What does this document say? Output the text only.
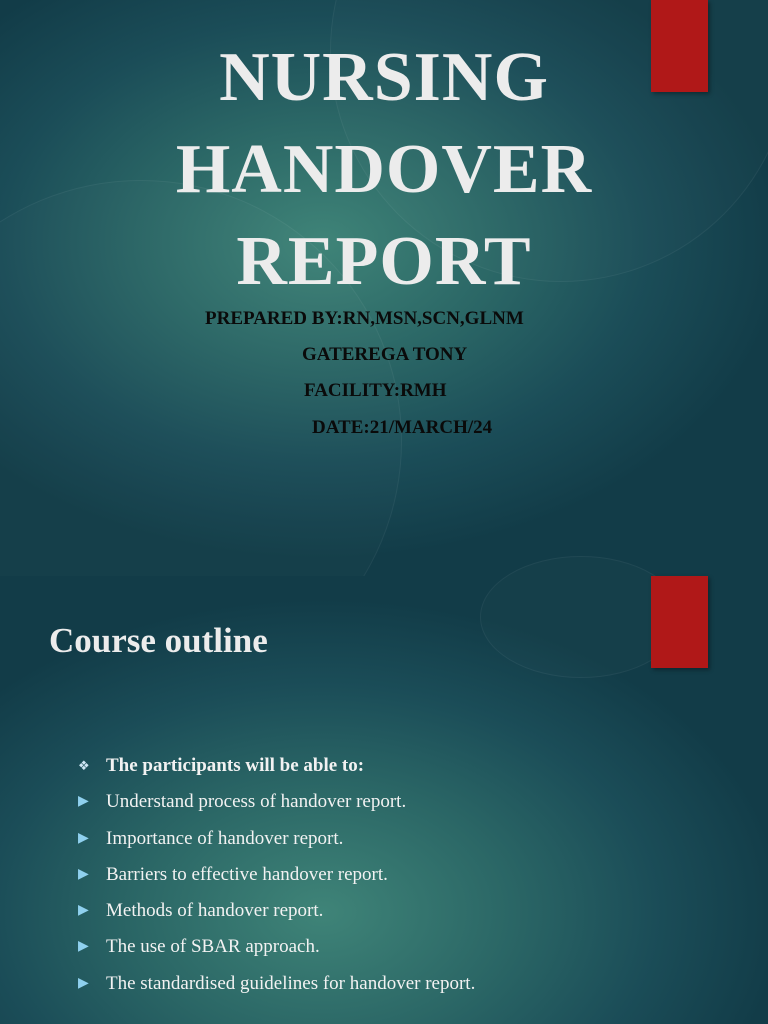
NURSING
HANDOVER
REPORT
PREPARED BY:RN,MSN,SCN,GLNM
GATEREGA TONY
FACILITY:RMH
DATE:21/MARCH/24
Course outline
❖ The participants will be able to:
▶ Understand process of handover report.
▶ Importance of handover report.
▶ Barriers to effective handover report.
▶ Methods of handover report.
▶ The use of SBAR approach.
▶ The standardised guidelines for handover report.
